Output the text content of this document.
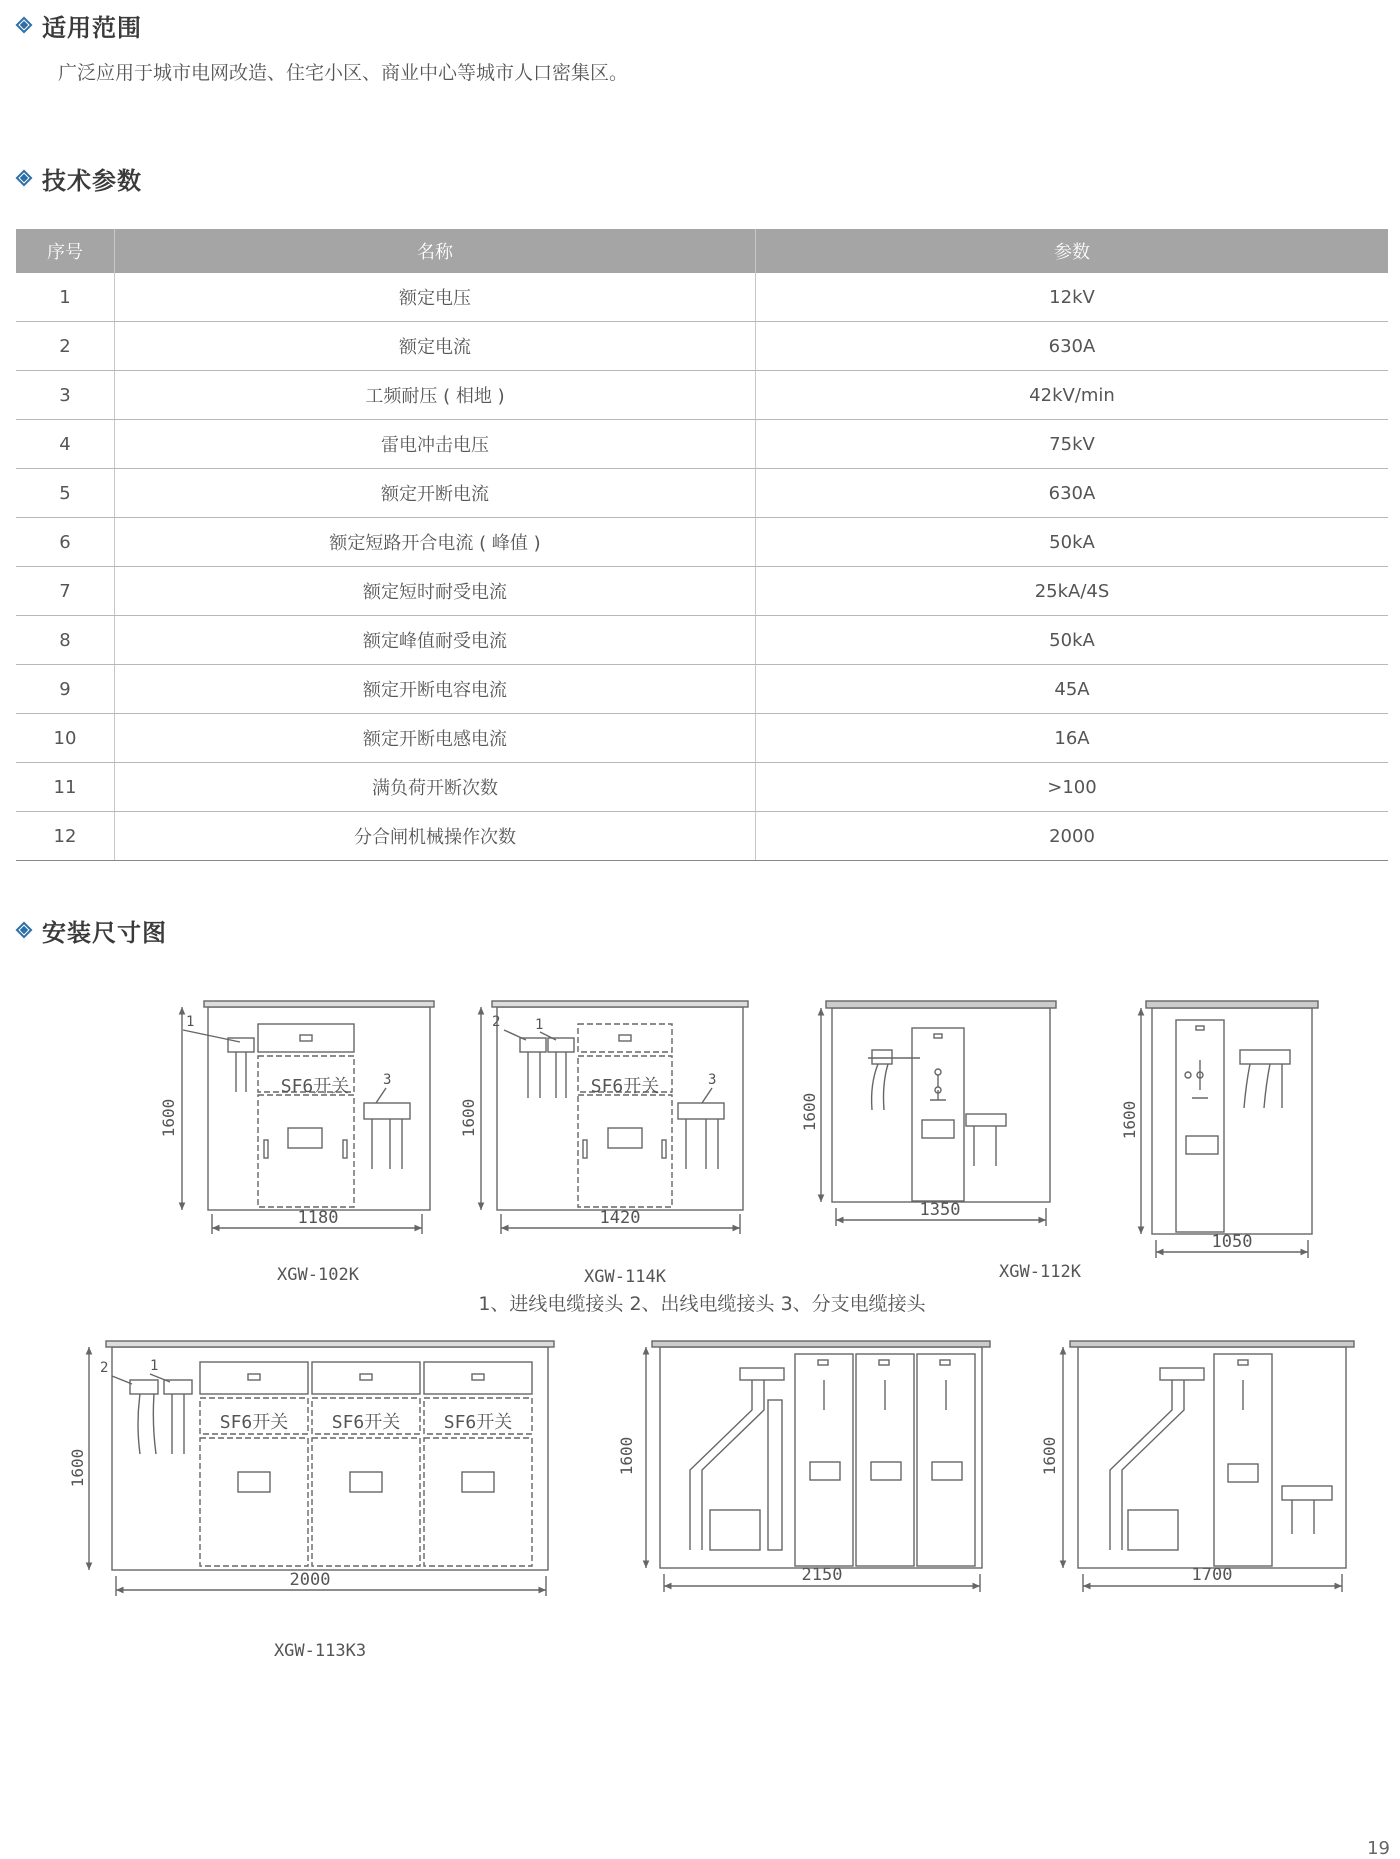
适用范围
广泛应用于城市电网改造、住宅小区、商业中心等城市人口密集区。
技术参数
序号	名称	参数
1	额定电压	12kV
2	额定电流	630A
3	工频耐压 ( 相地 )	42kV/min
4	雷电冲击电压	75kV
5	额定开断电流	630A
6	额定短路开合电流 ( 峰值 )	50kA
7	额定短时耐受电流	25kA/4S
8	额定峰值耐受电流	50kA
9	额定开断电容电流	45A
10	额定开断电感电流	16A
11	满负荷开断次数	>100
12	分合闸机械操作次数	2000
安装尺寸图
SF6开关
1
3
1600
1180
XGW-102K
SF6开关
2 1
3
1600
1420
XGW-114K
1600
1350
XGW-112K
1600
1050
1、进线电缆接头 2、出线电缆接头 3、分支电缆接头
SF6开关 SF6开关 SF6开关
2	1
1600
2000
XGW-113K3
1600
2150
1600
1700
19
